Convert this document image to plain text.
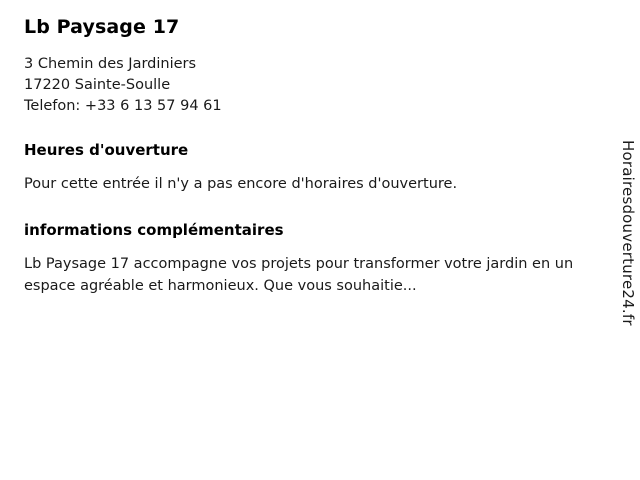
Lb Paysage 17
3 Chemin des Jardiniers
17220 Sainte-Soulle
Telefon: +33 6 13 57 94 61
Heures d'ouverture

Pour cette entrée il n'y a pas encore d'horaires d'ouverture.

informations complémentaires

Lb Paysage 17 accompagne vos projets pour transformer votre jardin en un espace agréable et harmonieux. Que vous souhaitie...	Horairesdouverture24.fr
